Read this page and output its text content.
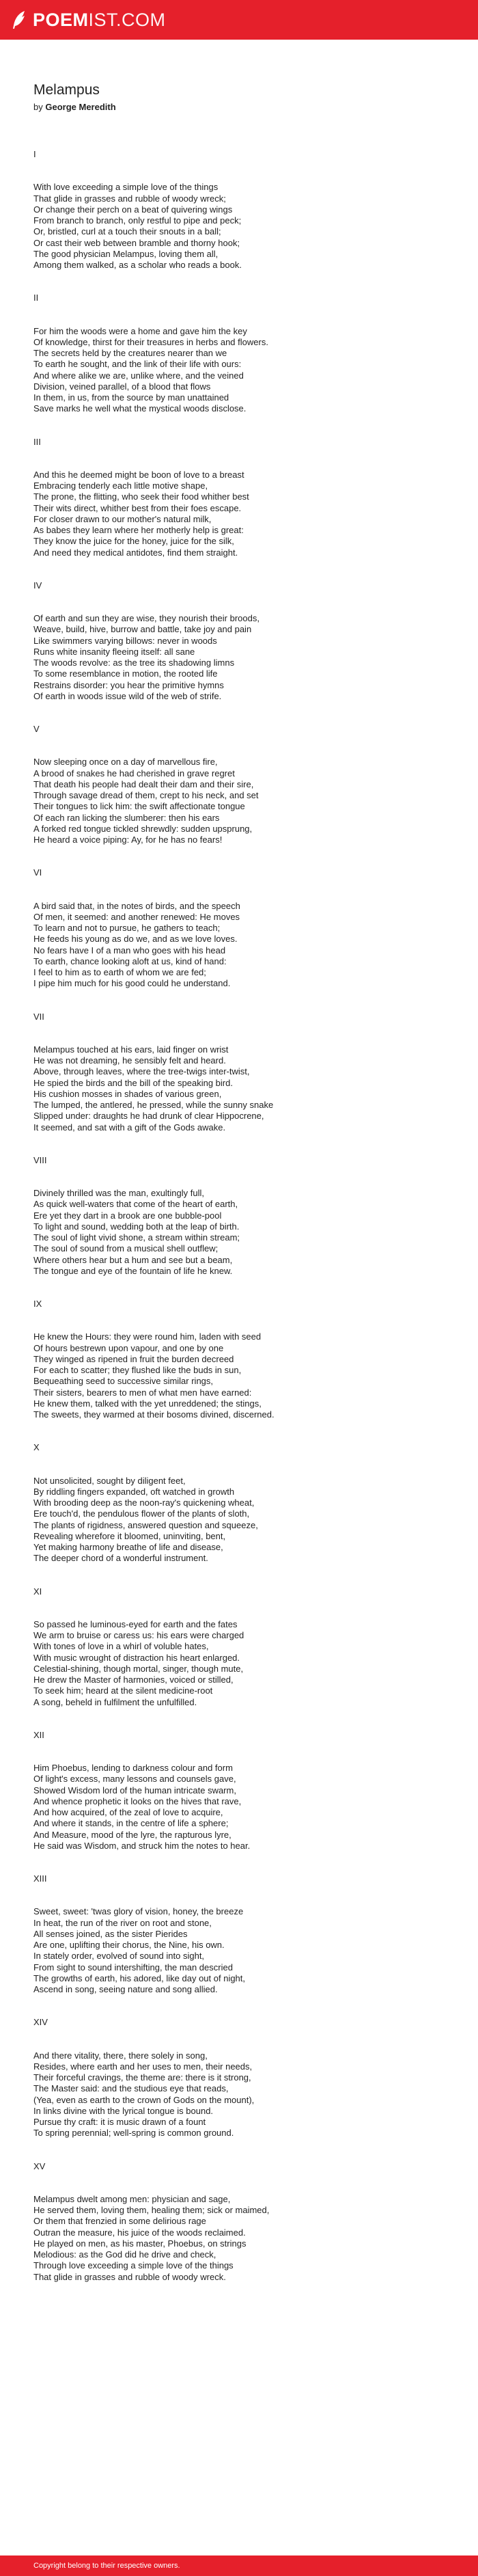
POEMIST.COM
Melampus
by George Meredith
I
With love exceeding a simple love of the things
That glide in grasses and rubble of woody wreck;
Or change their perch on a beat of quivering wings
From branch to branch, only restful to pipe and peck;
Or, bristled, curl at a touch their snouts in a ball;
Or cast their web between bramble and thorny hook;
The good physician Melampus, loving them all,
Among them walked, as a scholar who reads a book.
II
For him the woods were a home and gave him the key
Of knowledge, thirst for their treasures in herbs and flowers.
The secrets held by the creatures nearer than we
To earth he sought, and the link of their life with ours:
And where alike we are, unlike where, and the veined
Division, veined parallel, of a blood that flows
In them, in us, from the source by man unattained
Save marks he well what the mystical woods disclose.
III
And this he deemed might be boon of love to a breast
Embracing tenderly each little motive shape,
The prone, the flitting, who seek their food whither best
Their wits direct, whither best from their foes escape.
For closer drawn to our mother's natural milk,
As babes they learn where her motherly help is great:
They know the juice for the honey, juice for the silk,
And need they medical antidotes, find them straight.
IV
Of earth and sun they are wise, they nourish their broods,
Weave, build, hive, burrow and battle, take joy and pain
Like swimmers varying billows: never in woods
Runs white insanity fleeing itself: all sane
The woods revolve: as the tree its shadowing limns
To some resemblance in motion, the rooted life
Restrains disorder: you hear the primitive hymns
Of earth in woods issue wild of the web of strife.
V
Now sleeping once on a day of marvellous fire,
A brood of snakes he had cherished in grave regret
That death his people had dealt their dam and their sire,
Through savage dread of them, crept to his neck, and set
Their tongues to lick him: the swift affectionate tongue
Of each ran licking the slumberer: then his ears
A forked red tongue tickled shrewdly: sudden upsprung,
He heard a voice piping: Ay, for he has no fears!
VI
A bird said that, in the notes of birds, and the speech
Of men, it seemed: and another renewed: He moves
To learn and not to pursue, he gathers to teach;
He feeds his young as do we, and as we love loves.
No fears have I of a man who goes with his head
To earth, chance looking aloft at us, kind of hand:
I feel to him as to earth of whom we are fed;
I pipe him much for his good could he understand.
VII
Melampus touched at his ears, laid finger on wrist
He was not dreaming, he sensibly felt and heard.
Above, through leaves, where the tree-twigs inter-twist,
He spied the birds and the bill of the speaking bird.
His cushion mosses in shades of various green,
The lumped, the antlered, he pressed, while the sunny snake
Slipped under: draughts he had drunk of clear Hippocrene,
It seemed, and sat with a gift of the Gods awake.
VIII
Divinely thrilled was the man, exultingly full,
As quick well-waters that come of the heart of earth,
Ere yet they dart in a brook are one bubble-pool
To light and sound, wedding both at the leap of birth.
The soul of light vivid shone, a stream within stream;
The soul of sound from a musical shell outflew;
Where others hear but a hum and see but a beam,
The tongue and eye of the fountain of life he knew.
IX
He knew the Hours: they were round him, laden with seed
Of hours bestrewn upon vapour, and one by one
They winged as ripened in fruit the burden decreed
For each to scatter; they flushed like the buds in sun,
Bequeathing seed to successive similar rings,
Their sisters, bearers to men of what men have earned:
He knew them, talked with the yet unreddened; the stings,
The sweets, they warmed at their bosoms divined, discerned.
X
Not unsolicited, sought by diligent feet,
By riddling fingers expanded, oft watched in growth
With brooding deep as the noon-ray's quickening wheat,
Ere touch'd, the pendulous flower of the plants of sloth,
The plants of rigidness, answered question and squeeze,
Revealing wherefore it bloomed, uninviting, bent,
Yet making harmony breathe of life and disease,
The deeper chord of a wonderful instrument.
XI
So passed he luminous-eyed for earth and the fates
We arm to bruise or caress us: his ears were charged
With tones of love in a whirl of voluble hates,
With music wrought of distraction his heart enlarged.
Celestial-shining, though mortal, singer, though mute,
He drew the Master of harmonies, voiced or stilled,
To seek him; heard at the silent medicine-root
A song, beheld in fulfilment the unfulfilled.
XII
Him Phoebus, lending to darkness colour and form
Of light's excess, many lessons and counsels gave,
Showed Wisdom lord of the human intricate swarm,
And whence prophetic it looks on the hives that rave,
And how acquired, of the zeal of love to acquire,
And where it stands, in the centre of life a sphere;
And Measure, mood of the lyre, the rapturous lyre,
He said was Wisdom, and struck him the notes to hear.
XIII
Sweet, sweet: 'twas glory of vision, honey, the breeze
In heat, the run of the river on root and stone,
All senses joined, as the sister Pierides
Are one, uplifting their chorus, the Nine, his own.
In stately order, evolved of sound into sight,
From sight to sound intershifting, the man descried
The growths of earth, his adored, like day out of night,
Ascend in song, seeing nature and song allied.
XIV
And there vitality, there, there solely in song,
Resides, where earth and her uses to men, their needs,
Their forceful cravings, the theme are: there is it strong,
The Master said: and the studious eye that reads,
(Yea, even as earth to the crown of Gods on the mount),
In links divine with the lyrical tongue is bound.
Pursue thy craft: it is music drawn of a fount
To spring perennial; well-spring is common ground.
XV
Melampus dwelt among men: physician and sage,
He served them, loving them, healing them; sick or maimed,
Or them that frenzied in some delirious rage
Outran the measure, his juice of the woods reclaimed.
He played on men, as his master, Phoebus, on strings
Melodious: as the God did he drive and check,
Through love exceeding a simple love of the things
That glide in grasses and rubble of woody wreck.
Copyright belong to their respective owners.
